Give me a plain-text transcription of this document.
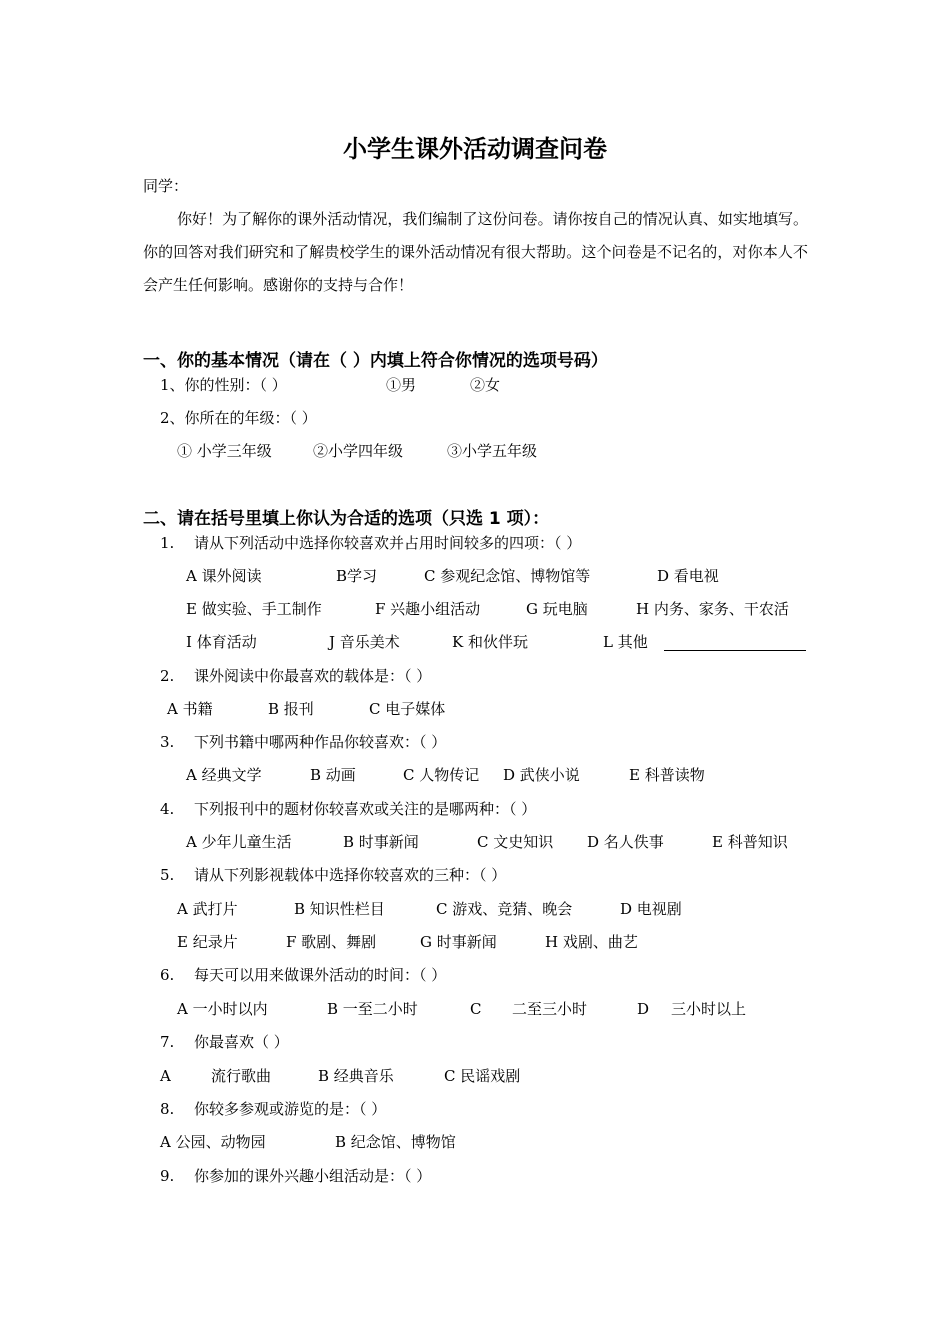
小学生课外活动调查问卷
同学：
你好！为了解你的课外活动情况，我们编制了这份问卷。请你按自己的情况认真、如实地填写。你的回答对我们研究和了解贵校学生的课外活动情况有很大帮助。这个问卷是不记名的，对你本人不会产生任何影响。感谢你的支持与合作！
一、你的基本情况（请在（ ）内填上符合你情况的选项号码）
1、你的性别：（ ）	①男	②女
2、你所在的年级：（ ）
① 小学三年级	②小学四年级	③小学五年级
二、请在括号里填上你认为合适的选项（只选 1 项）：
1. 请从下列活动中选择你较喜欢并占用时间较多的四项：（ ）
A 课外阅读	B学习	C 参观纪念馆、博物馆等	D 看电视
E 做实验、手工制作	F 兴趣小组活动	G 玩电脑	H 内务、家务、干农活
I 体育活动	J 音乐美术	K 和伙伴玩	L 其他
2. 课外阅读中你最喜欢的载体是：（ ）
A 书籍	B 报刊	C 电子媒体
3. 下列书籍中哪两种作品你较喜欢：（ ）
A 经典文学	B 动画	C 人物传记 D 武侠小说	E 科普读物
4. 下列报刊中的题材你较喜欢或关注的是哪两种：（ ）
A 少年儿童生活	B 时事新闻	C 文史知识 D 名人佚事	E 科普知识
5. 请从下列影视载体中选择你较喜欢的三种：（ ）
A 武打片	B 知识性栏目	C 游戏、竞猜、晚会	D 电视剧
E 纪录片	F 歌剧、舞剧	G 时事新闻	H 戏剧、曲艺
6. 每天可以用来做课外活动的时间：（ ）
A 一小时以内	B 一至二小时	C 二至三小时	D 三小时以上
7. 你最喜欢（ ）
A	流行歌曲	B 经典音乐	C 民谣戏剧
8. 你较多参观或游览的是：（ ）
A 公园、动物园	B 纪念馆、博物馆
9. 你参加的课外兴趣小组活动是：（ ）
